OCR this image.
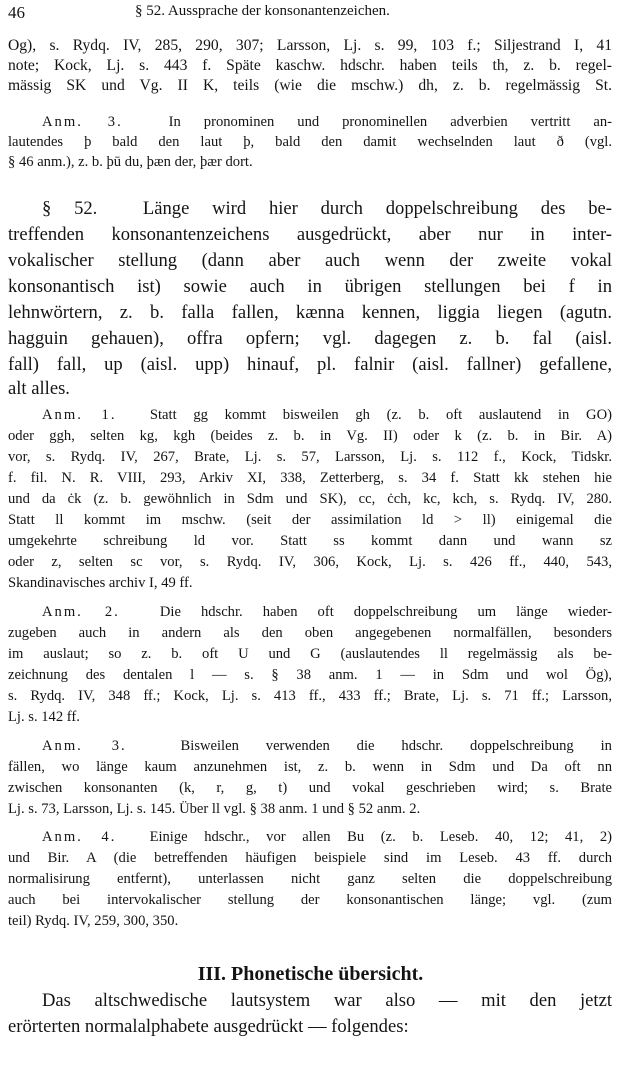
46	§ 52. Aussprache der konsonantenzeichen.
Og), s. Rydq. IV, 285, 290, 307; Larsson, Lj. s. 99, 103 f.; Siljestrand I, 41
note; Kock, Lj. s. 443 f. Späte kaschw. hdschr. haben teils th, z. b. regel-
mässig SK und Vg. II K, teils (wie die mschw.) dh, z. b. regelmässig St.
Anm. 3.	In pronominen und pronominellen adverbien vertritt an-
lautendes þ bald den laut þ, bald den damit wechselnden laut ð (vgl.
§ 46 anm.), z. b. þū du, þæn der, þær dort.
§ 52. Länge wird hier durch doppelschreibung des be-
treffenden konsonantenzeichens ausgedrückt, aber nur in inter-
vokalischer stellung (dann aber auch wenn der zweite vokal
konsonantisch ist) sowie auch in übrigen stellungen bei f in
lehnwörtern, z. b. falla fallen, kænna kennen, liggia liegen (agutn.
hagguin gehauen), offra opfern; vgl. dagegen z. b. fal (aisl.
fall) fall, up (aisl. upp) hinauf, pl. falnir (aisl. fallner) gefallene,
alt alles.
Anm. 1. Statt gg kommt bisweilen gh (z. b. oft auslautend in GO)
oder ggh, selten kg, kgh (beides z. b. in Vg. II) oder k (z. b. in Bir. A)
vor, s. Rydq. IV, 267, Brate, Lj. s. 57, Larsson, Lj. s. 112 f., Kock, Tidskr.
f. fil. N. R. VIII, 293, Arkiv XI, 338, Zetterberg, s. 34 f. Statt kk stehen hie
und da ċk (z. b. gewöhnlich in Sdm und SK), cc, ċch, kc, kch, s. Rydq. IV, 280.
Statt ll kommt im mschw. (seit der assimilation ld > ll) einigemal die
umgekehrte schreibung ld vor. Statt ss kommt dann und wann sz
oder z, selten sc vor, s. Rydq. IV, 306, Kock, Lj. s. 426 ff., 440, 543,
Skandinavisches archiv I, 49 ff.
Anm. 2.	Die hdschr. haben oft doppelschreibung um länge wieder-
zugeben auch in andern als den oben angegebenen normalfällen, besonders
im auslaut; so z. b. oft U und G (auslautendes ll regelmässig als be-
zeichnung des dentalen l — s. § 38 anm. 1 — in Sdm und wol Ög),
s. Rydq. IV, 348 ff.; Kock, Lj. s. 413 ff., 433 ff.; Brate, Lj. s. 71 ff.; Larsson,
Lj. s. 142 ff.
Anm. 3.	Bisweilen verwenden die hdschr. doppelschreibung in
fällen, wo länge kaum anzunehmen ist, z. b. wenn in Sdm und Da oft nn
zwischen konsonanten (k, r, g, t) und vokal geschrieben wird; s. Brate
Lj. s. 73, Larsson, Lj. s. 145. Über ll vgl. § 38 anm. 1 und § 52 anm. 2.
Anm. 4. Einige hdschr., vor allen Bu (z. b. Leseb. 40, 12; 41, 2)
und Bir. A (die betreffenden häufigen beispiele sind im Leseb. 43 ff. durch
normalisirung entfernt), unterlassen nicht ganz selten die doppelschreibung
auch bei intervokalischer stellung der konsonantischen länge; vgl. (zum
teil) Rydq. IV, 259, 300, 350.
III. Phonetische übersicht.
Das altschwedische lautsystem war also — mit den jetzt
erörterten normalalphabete ausgedrückt — folgendes:
